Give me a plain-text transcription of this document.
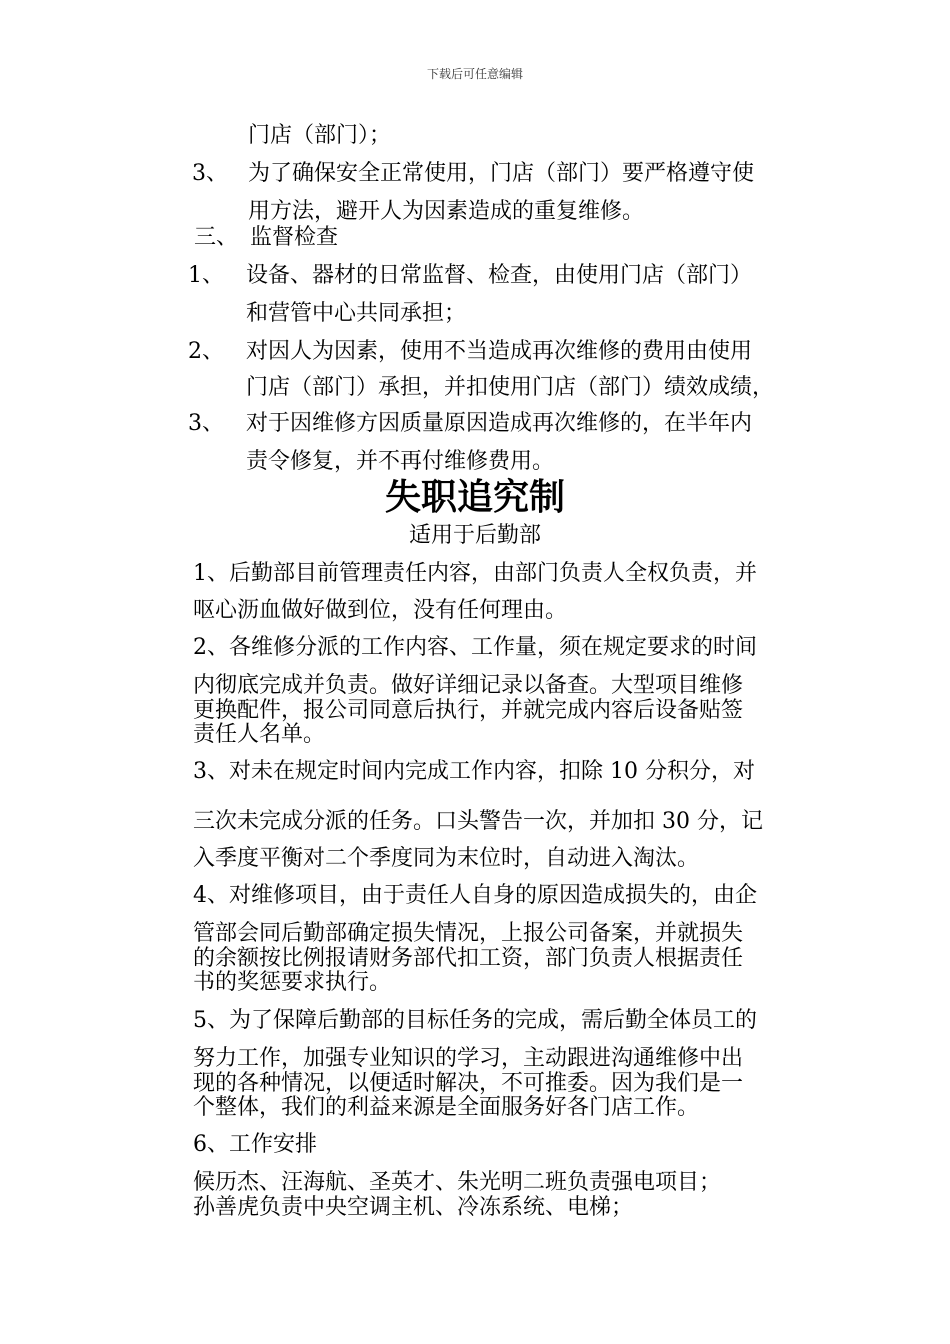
下载后可任意编辑
门店（部门）；
3、 为了确保安全正常使用，门店（部门）要严格遵守使
用方法，避开人为因素造成的重复维修。
三、 监督检查
1、 设备、器材的日常监督、检查，由使用门店（部门）
和营管中心共同承担；
2、 对因人为因素，使用不当造成再次维修的费用由使用
门店（部门）承担，并扣使用门店（部门）绩效成绩，
3、 对于因维修方因质量原因造成再次维修的，在半年内
责令修复，并不再付维修费用。
失职追究制
适用于后勤部
1、后勤部目前管理责任内容，由部门负责人全权负责，并
呕心沥血做好做到位，没有任何理由。
2、各维修分派的工作内容、工作量，须在规定要求的时间
内彻底完成并负责。做好详细记录以备查。大型项目维修
更换配件，报公司同意后执行，并就完成内容后设备贴签
责任人名单。
3、对未在规定时间内完成工作内容，扣除 10 分积分，对
三次未完成分派的任务。口头警告一次，并加扣 30 分，记
入季度平衡对二个季度同为末位时，自动进入淘汰。
4、对维修项目，由于责任人自身的原因造成损失的，由企
管部会同后勤部确定损失情况，上报公司备案，并就损失
的余额按比例报请财务部代扣工资，部门负责人根据责任
书的奖惩要求执行。
5、为了保障后勤部的目标任务的完成，需后勤全体员工的
努力工作，加强专业知识的学习，主动跟进沟通维修中出
现的各种情况，以便适时解决，不可推委。因为我们是一
个整体，我们的利益来源是全面服务好各门店工作。
6、工作安排
候历杰、汪海航、圣英才、朱光明二班负责强电项目；
孙善虎负责中央空调主机、冷冻系统、电梯；
